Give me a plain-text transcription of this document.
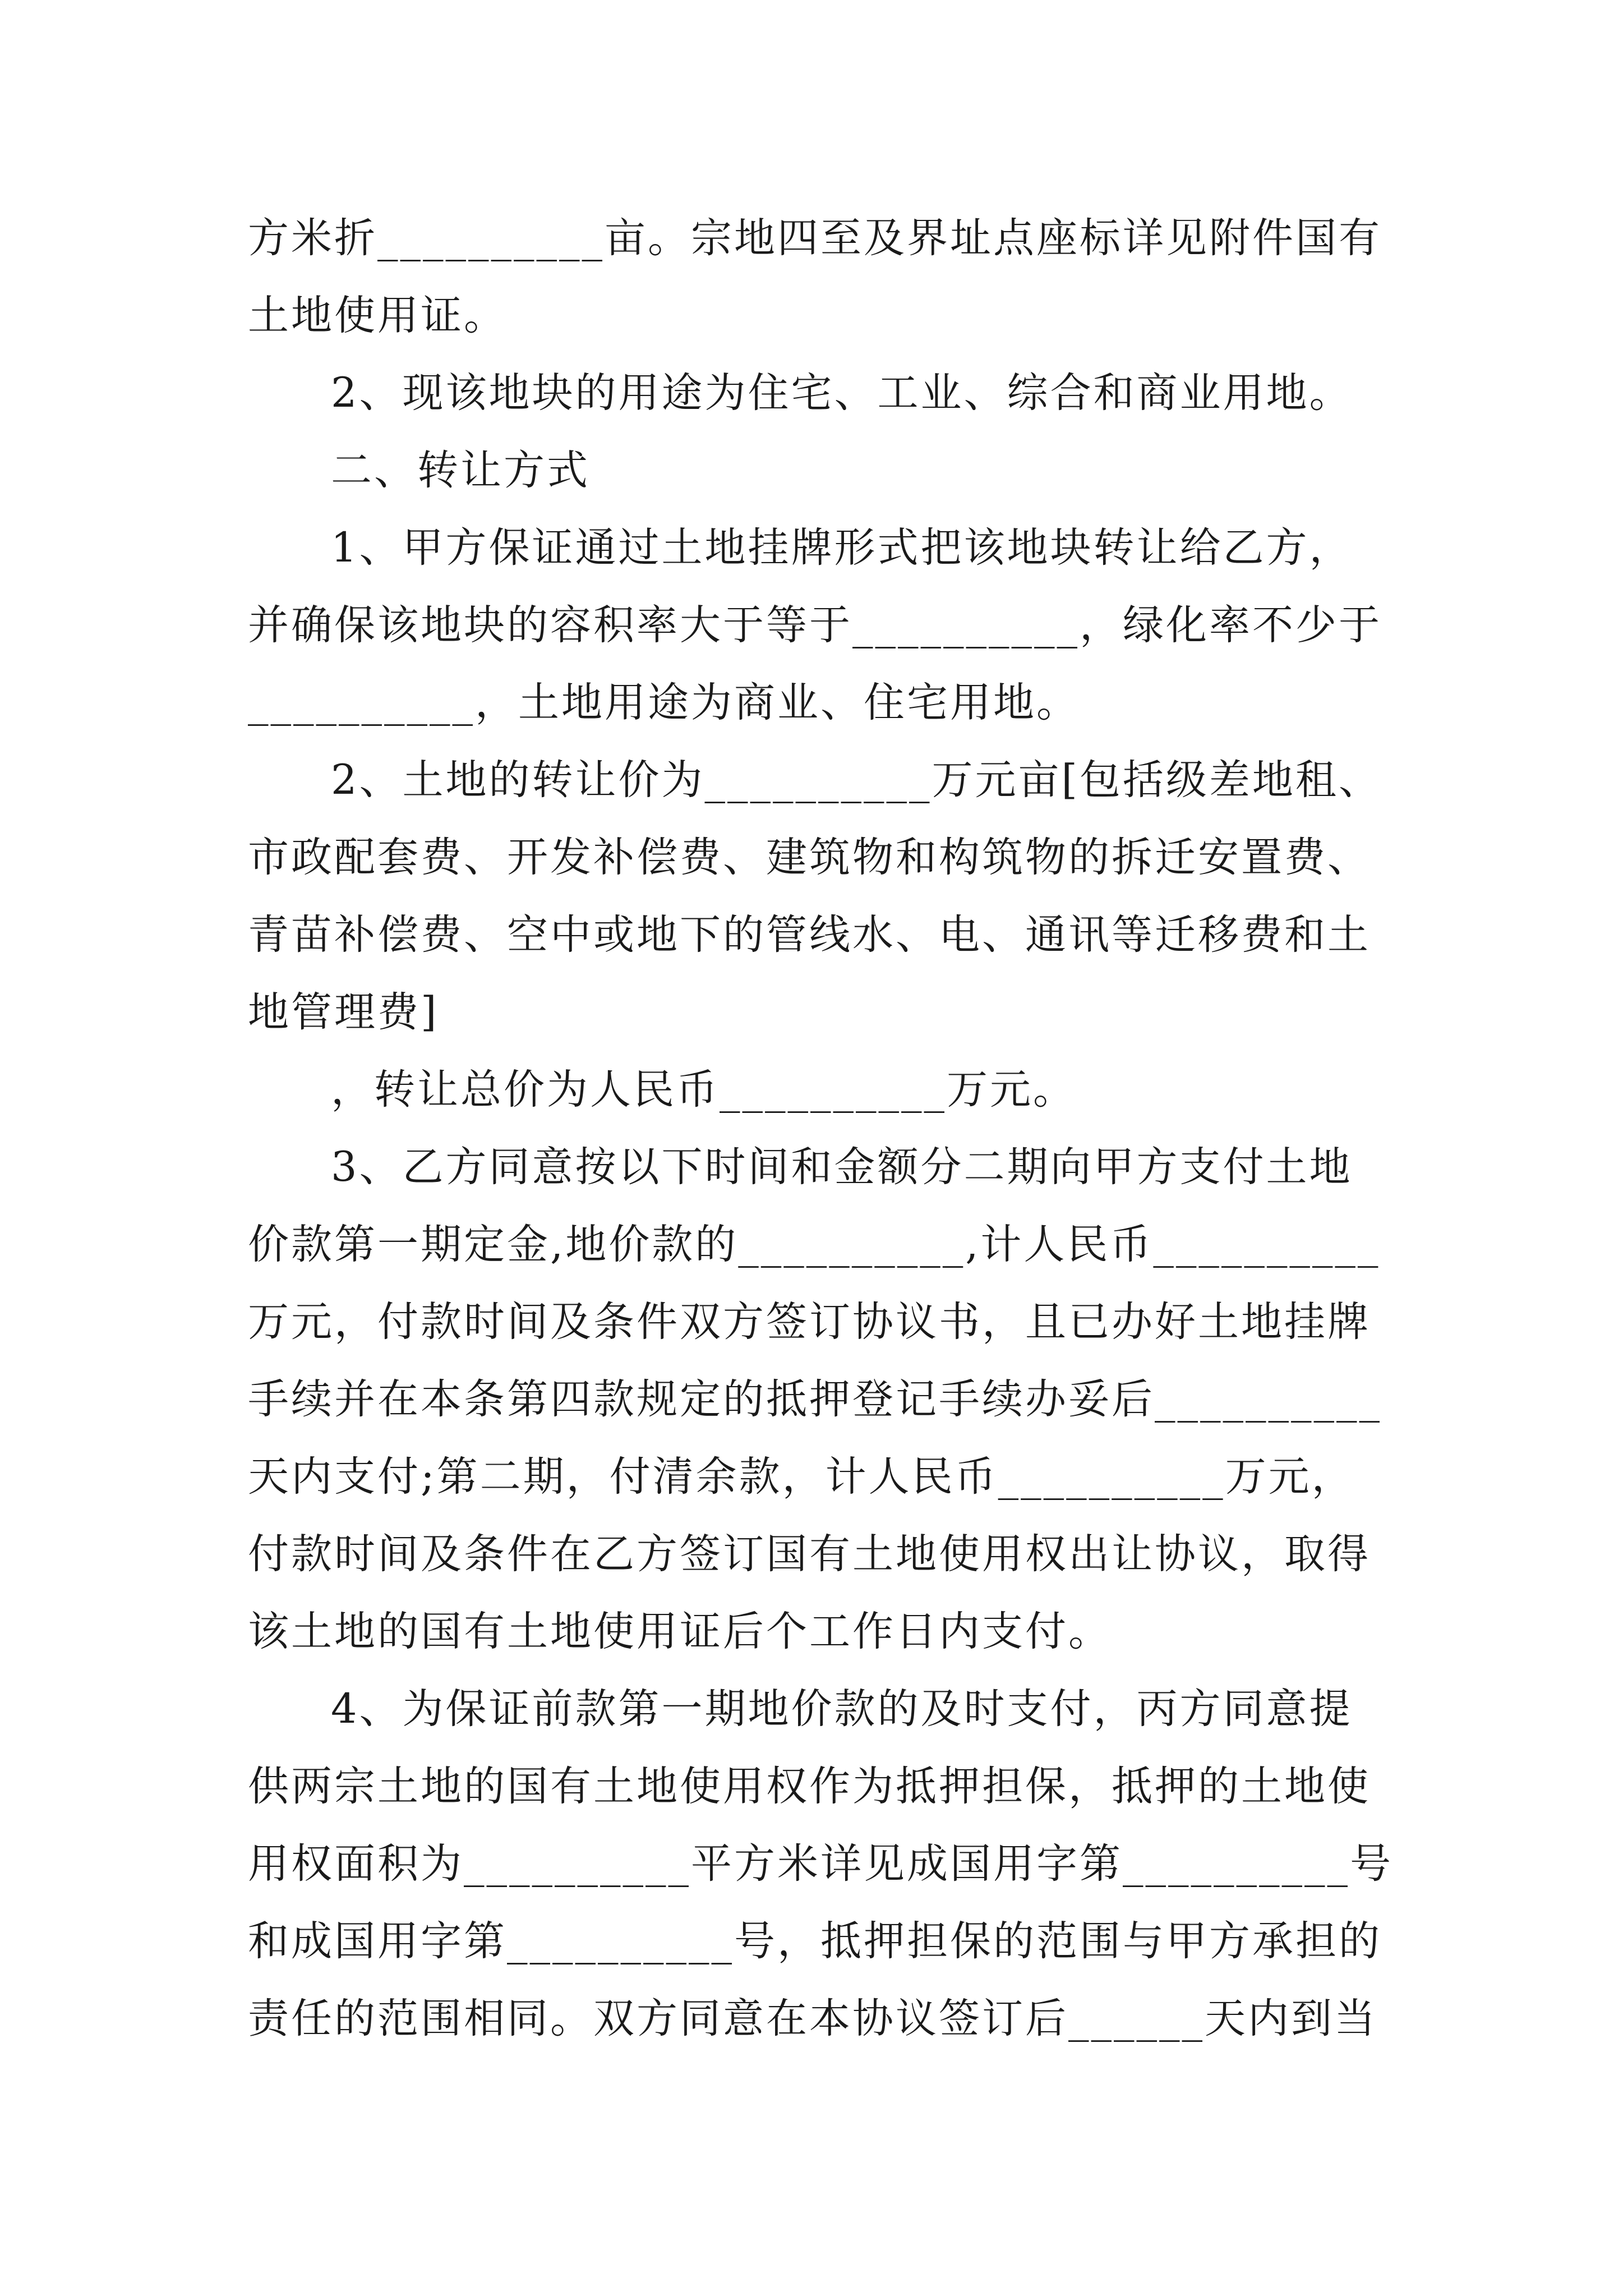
方米折__________亩。宗地四至及界址点座标详见附件国有
土地使用证。
2、现该地块的用途为住宅、工业、综合和商业用地。
二、转让方式
1、甲方保证通过土地挂牌形式把该地块转让给乙方，
并确保该地块的容积率大于等于__________，绿化率不少于
__________，土地用途为商业、住宅用地。
2、土地的转让价为__________万元亩[包括级差地租、
市政配套费、开发补偿费、建筑物和构筑物的拆迁安置费、
青苗补偿费、空中或地下的管线水、电、通讯等迁移费和土
地管理费]
，转让总价为人民币__________万元。
3、乙方同意按以下时间和金额分二期向甲方支付土地
价款第一期定金,地价款的__________,计人民币__________
万元，付款时间及条件双方签订协议书，且已办好土地挂牌
手续并在本条第四款规定的抵押登记手续办妥后__________
天内支付;第二期，付清余款，计人民币__________万元，
付款时间及条件在乙方签订国有土地使用权出让协议，取得
该土地的国有土地使用证后个工作日内支付。
4、为保证前款第一期地价款的及时支付，丙方同意提
供两宗土地的国有土地使用权作为抵押担保，抵押的土地使
用权面积为__________平方米详见成国用字第__________号
和成国用字第__________号，抵押担保的范围与甲方承担的
责任的范围相同。双方同意在本协议签订后______天内到当
